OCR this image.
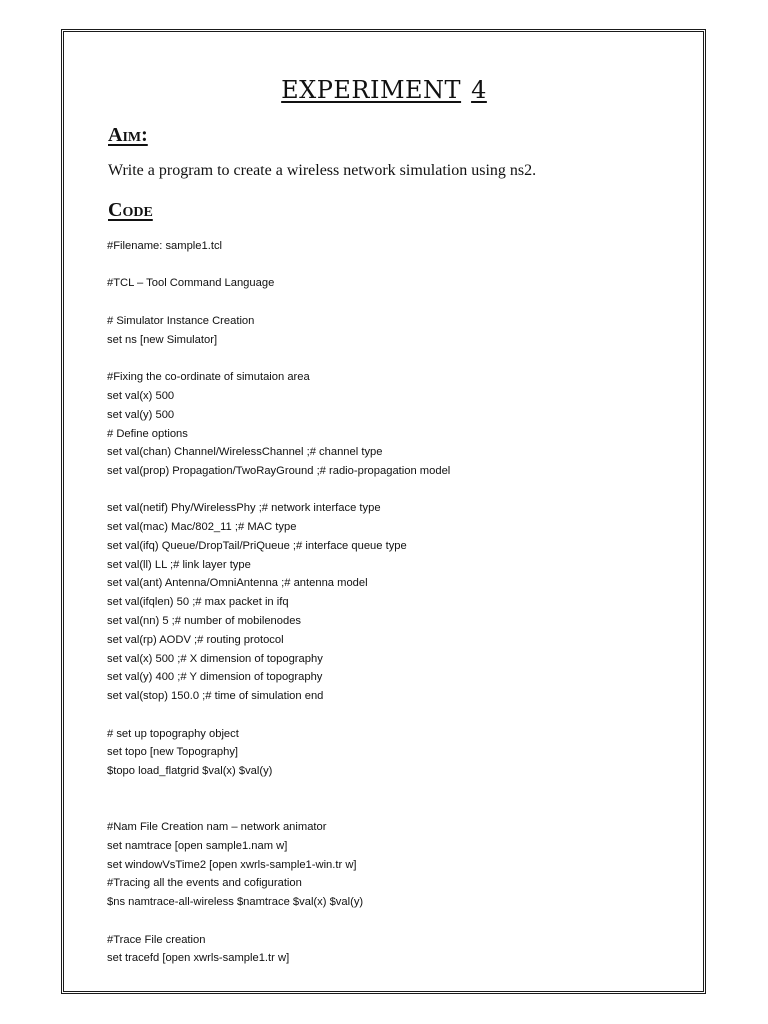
EXPERIMENT 4
Aim:
Write a program to create a wireless network simulation using ns2.
Code
#Filename: sample1.tcl
#TCL – Tool Command Language
# Simulator Instance Creation
set ns [new Simulator]
#Fixing the co-ordinate of simutaion area
set val(x) 500
set val(y) 500
# Define options
set val(chan) Channel/WirelessChannel ;# channel type
set val(prop) Propagation/TwoRayGround ;# radio-propagation model
set val(netif) Phy/WirelessPhy ;# network interface type
set val(mac) Mac/802_11 ;# MAC type
set val(ifq) Queue/DropTail/PriQueue ;# interface queue type
set val(ll) LL ;# link layer type
set val(ant) Antenna/OmniAntenna ;# antenna model
set val(ifqlen) 50 ;# max packet in ifq
set val(nn) 5 ;# number of mobilenodes
set val(rp) AODV ;# routing protocol
set val(x) 500 ;# X dimension of topography
set val(y) 400 ;# Y dimension of topography
set val(stop) 150.0 ;# time of simulation end
# set up topography object
set topo [new Topography]
$topo load_flatgrid $val(x) $val(y)
#Nam File Creation nam – network animator
set namtrace [open sample1.nam w]
set windowVsTime2 [open xwrls-sample1-win.tr w]
#Tracing all the events and cofiguration
$ns namtrace-all-wireless $namtrace $val(x) $val(y)
#Trace File creation
set tracefd [open xwrls-sample1.tr w]
